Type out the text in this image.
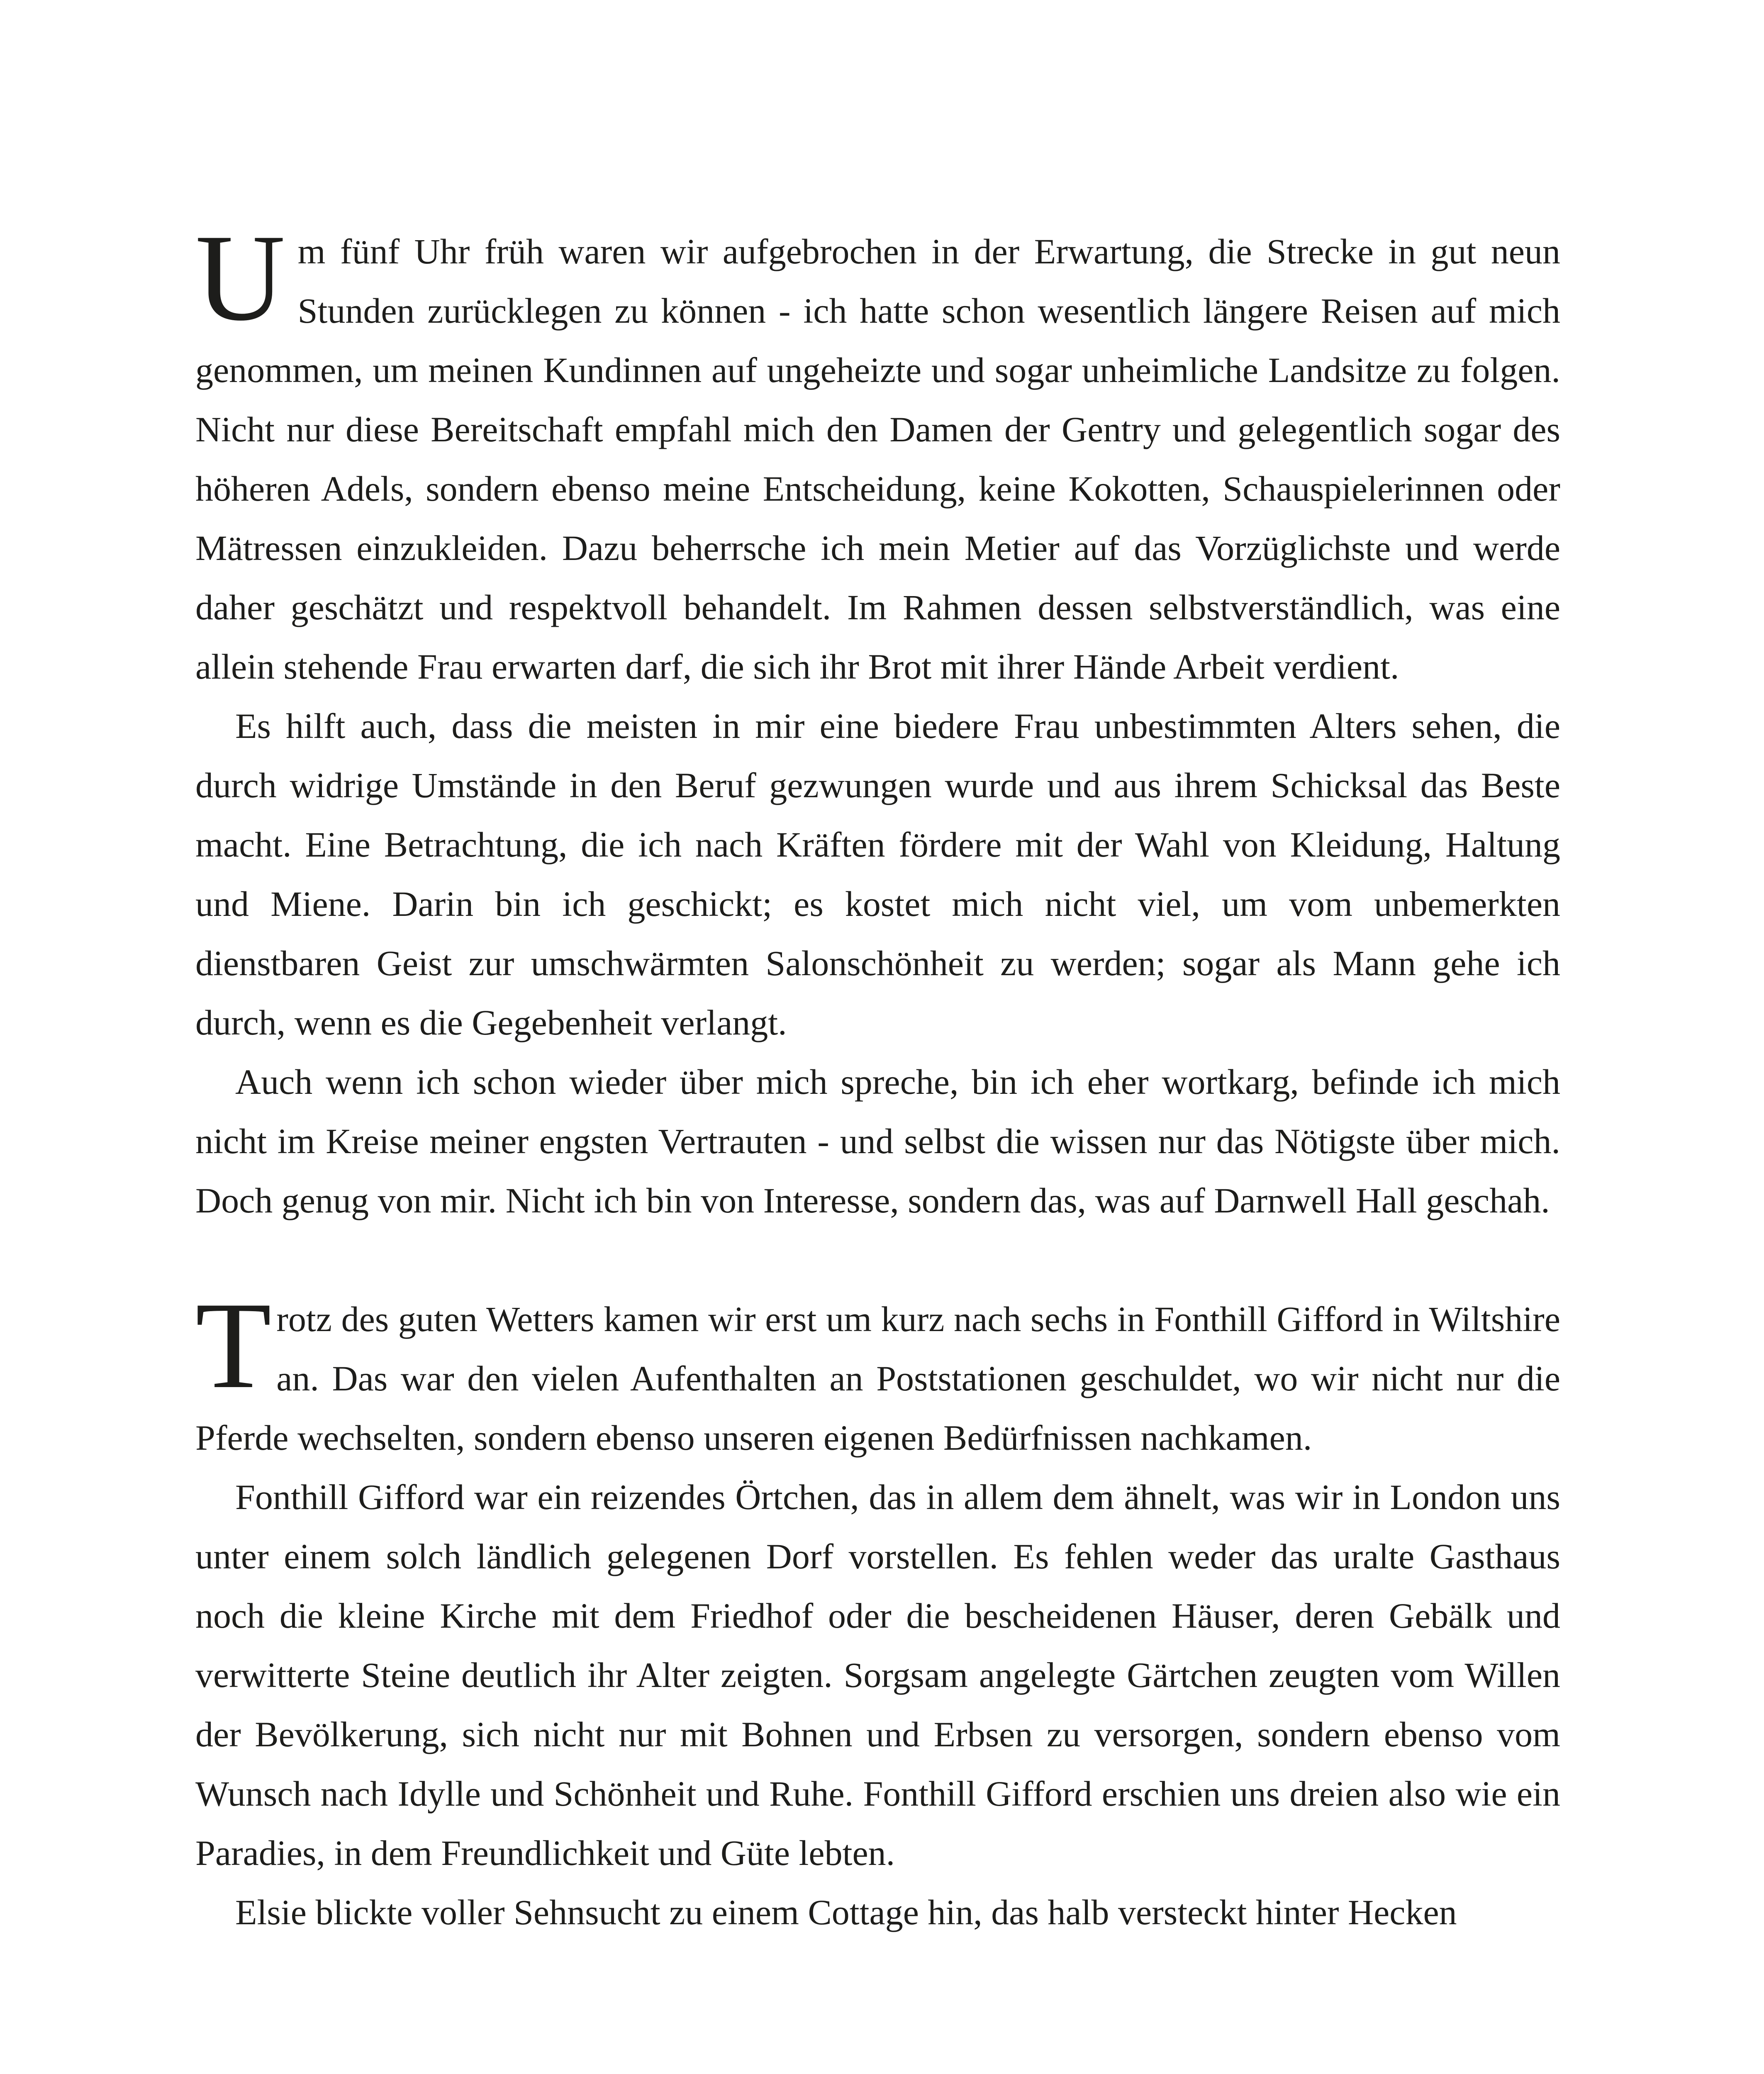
Um fünf Uhr früh waren wir aufgebrochen in der Erwartung, die Strecke in gut neun Stunden zurücklegen zu können - ich hatte schon wesentlich längere Reisen auf mich genommen, um meinen Kundinnen auf ungeheizte und sogar unheimliche Landsitze zu folgen. Nicht nur diese Bereitschaft empfahl mich den Damen der Gentry und gelegentlich sogar des höheren Adels, sondern ebenso meine Entscheidung, keine Kokotten, Schauspielerinnen oder Mätressen einzukleiden. Dazu beherrsche ich mein Metier auf das Vorzüglichste und werde daher geschätzt und respektvoll behandelt. Im Rahmen dessen selbstverständlich, was eine allein stehende Frau erwarten darf, die sich ihr Brot mit ihrer Hände Arbeit verdient.

Es hilft auch, dass die meisten in mir eine biedere Frau unbestimmten Alters sehen, die durch widrige Umstände in den Beruf gezwungen wurde und aus ihrem Schicksal das Beste macht. Eine Betrachtung, die ich nach Kräften fördere mit der Wahl von Kleidung, Haltung und Miene. Darin bin ich geschickt; es kostet mich nicht viel, um vom unbemerkten dienstbaren Geist zur umschwärmten Salonschönheit zu werden; sogar als Mann gehe ich durch, wenn es die Gegebenheit verlangt.

Auch wenn ich schon wieder über mich spreche, bin ich eher wortkarg, befinde ich mich nicht im Kreise meiner engsten Vertrauten - und selbst die wissen nur das Nötigste über mich. Doch genug von mir. Nicht ich bin von Interesse, sondern das, was auf Darnwell Hall geschah.

Trotz des guten Wetters kamen wir erst um kurz nach sechs in Fonthill Gifford in Wiltshire an. Das war den vielen Aufenthalten an Poststationen geschuldet, wo wir nicht nur die Pferde wechselten, sondern ebenso unseren eigenen Bedürfnissen nachkamen.

Fonthill Gifford war ein reizendes Örtchen, das in allem dem ähnelt, was wir in London uns unter einem solch ländlich gelegenen Dorf vorstellen. Es fehlen weder das uralte Gasthaus noch die kleine Kirche mit dem Friedhof oder die bescheidenen Häuser, deren Gebälk und verwitterte Steine deutlich ihr Alter zeigten. Sorgsam angelegte Gärtchen zeugten vom Willen der Bevölkerung, sich nicht nur mit Bohnen und Erbsen zu versorgen, sondern ebenso vom Wunsch nach Idylle und Schönheit und Ruhe. Fonthill Gifford erschien uns dreien also wie ein Paradies, in dem Freundlichkeit und Güte lebten.

Elsie blickte voller Sehnsucht zu einem Cottage hin, das halb versteckt hinter Hecken
